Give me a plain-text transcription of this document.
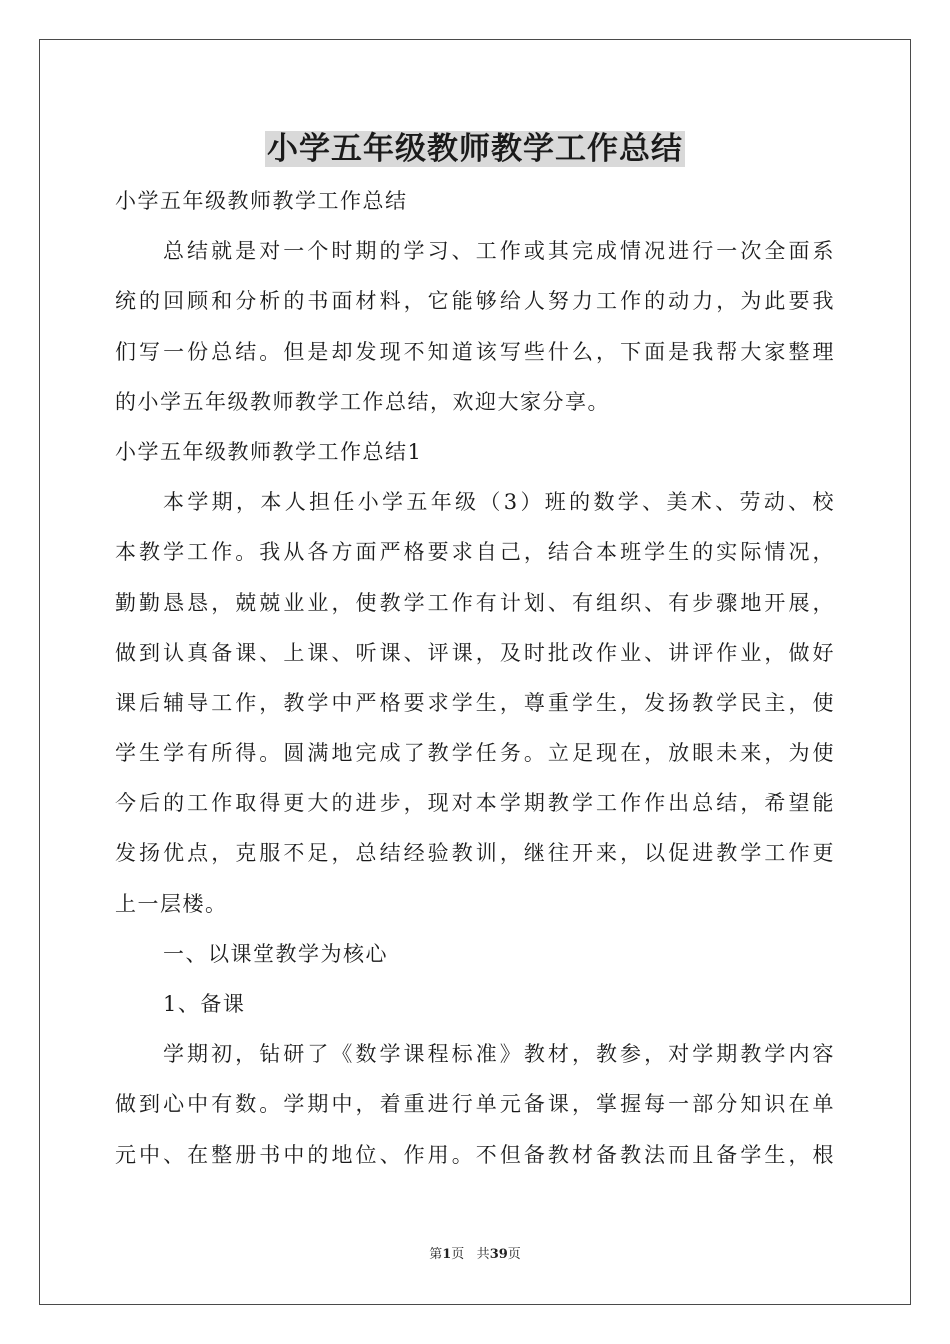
小学五年级教师教学工作总结
小学五年级教师教学工作总结
总结就是对一个时期的学习、工作或其完成情况进行一次全面系
统的回顾和分析的书面材料，它能够给人努力工作的动力，为此要我
们写一份总结。但是却发现不知道该写些什么，下面是我帮大家整理
的小学五年级教师教学工作总结，欢迎大家分享。
小学五年级教师教学工作总结1
本学期，本人担任小学五年级（3）班的数学、美术、劳动、校
本教学工作。我从各方面严格要求自己，结合本班学生的实际情况，
勤勤恳恳，兢兢业业，使教学工作有计划、有组织、有步骤地开展，
做到认真备课、上课、听课、评课，及时批改作业、讲评作业，做好
课后辅导工作，教学中严格要求学生，尊重学生，发扬教学民主，使
学生学有所得。圆满地完成了教学任务。立足现在，放眼未来，为使
今后的工作取得更大的进步，现对本学期教学工作作出总结，希望能
发扬优点，克服不足，总结经验教训，继往开来，以促进教学工作更
上一层楼。
一、以课堂教学为核心
1、备课
学期初，钻研了《数学课程标准》教材，教参，对学期教学内容
做到心中有数。学期中，着重进行单元备课，掌握每一部分知识在单
元中、在整册书中的地位、作用。不但备教材备教法而且备学生，根
第1页 共39页
